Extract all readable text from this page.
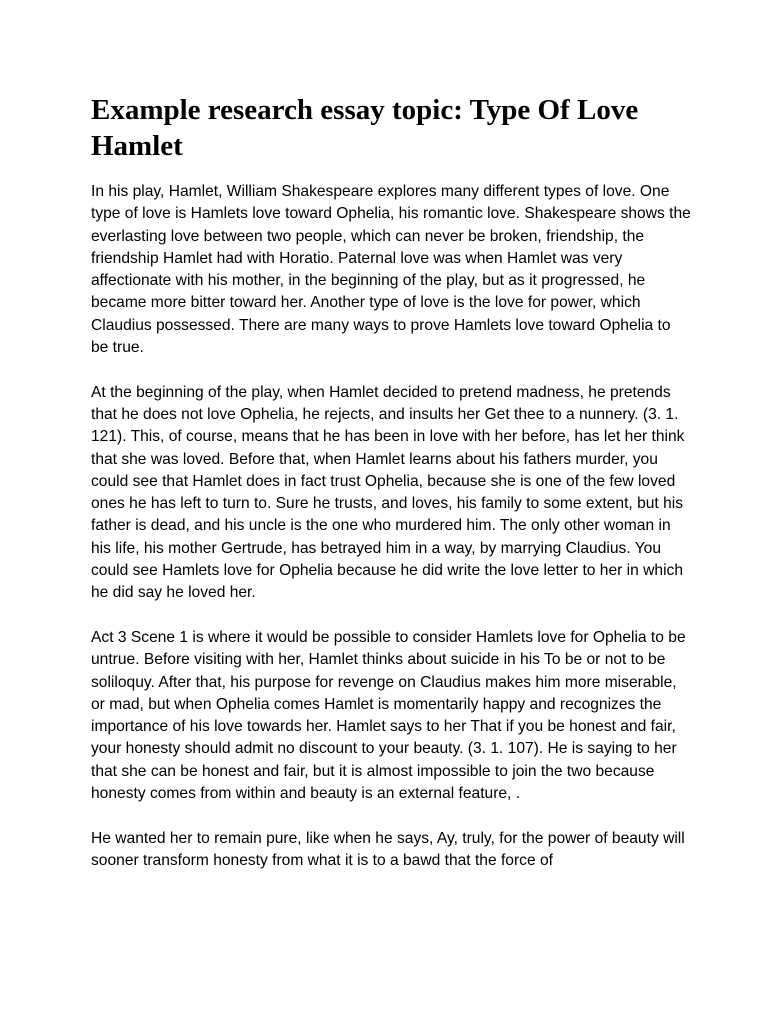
Example research essay topic: Type Of Love Hamlet

In his play, Hamlet, William Shakespeare explores many different types of love. One type of love is Hamlets love toward Ophelia, his romantic love. Shakespeare shows the everlasting love between two people, which can never be broken, friendship, the friendship Hamlet had with Horatio. Paternal love was when Hamlet was very affectionate with his mother, in the beginning of the play, but as it progressed, he became more bitter toward her. Another type of love is the love for power, which Claudius possessed. There are many ways to prove Hamlets love toward Ophelia to be true.

At the beginning of the play, when Hamlet decided to pretend madness, he pretends that he does not love Ophelia, he rejects, and insults her Get thee to a nunnery. (3. 1. 121). This, of course, means that he has been in love with her before, has let her think that she was loved. Before that, when Hamlet learns about his fathers murder, you could see that Hamlet does in fact trust Ophelia, because she is one of the few loved ones he has left to turn to. Sure he trusts, and loves, his family to some extent, but his father is dead, and his uncle is the one who murdered him. The only other woman in his life, his mother Gertrude, has betrayed him in a way, by marrying Claudius. You could see Hamlets love for Ophelia because he did write the love letter to her in which he did say he loved her.

Act 3 Scene 1 is where it would be possible to consider Hamlets love for Ophelia to be untrue. Before visiting with her, Hamlet thinks about suicide in his To be or not to be soliloquy. After that, his purpose for revenge on Claudius makes him more miserable, or mad, but when Ophelia comes Hamlet is momentarily happy and recognizes the importance of his love towards her. Hamlet says to her That if you be honest and fair, your honesty should admit no discount to your beauty. (3. 1. 107). He is saying to her that she can be honest and fair, but it is almost impossible to join the two because honesty comes from within and beauty is an external feature, .

He wanted her to remain pure, like when he says, Ay, truly, for the power of beauty will sooner transform honesty from what it is to a bawd that the force of
